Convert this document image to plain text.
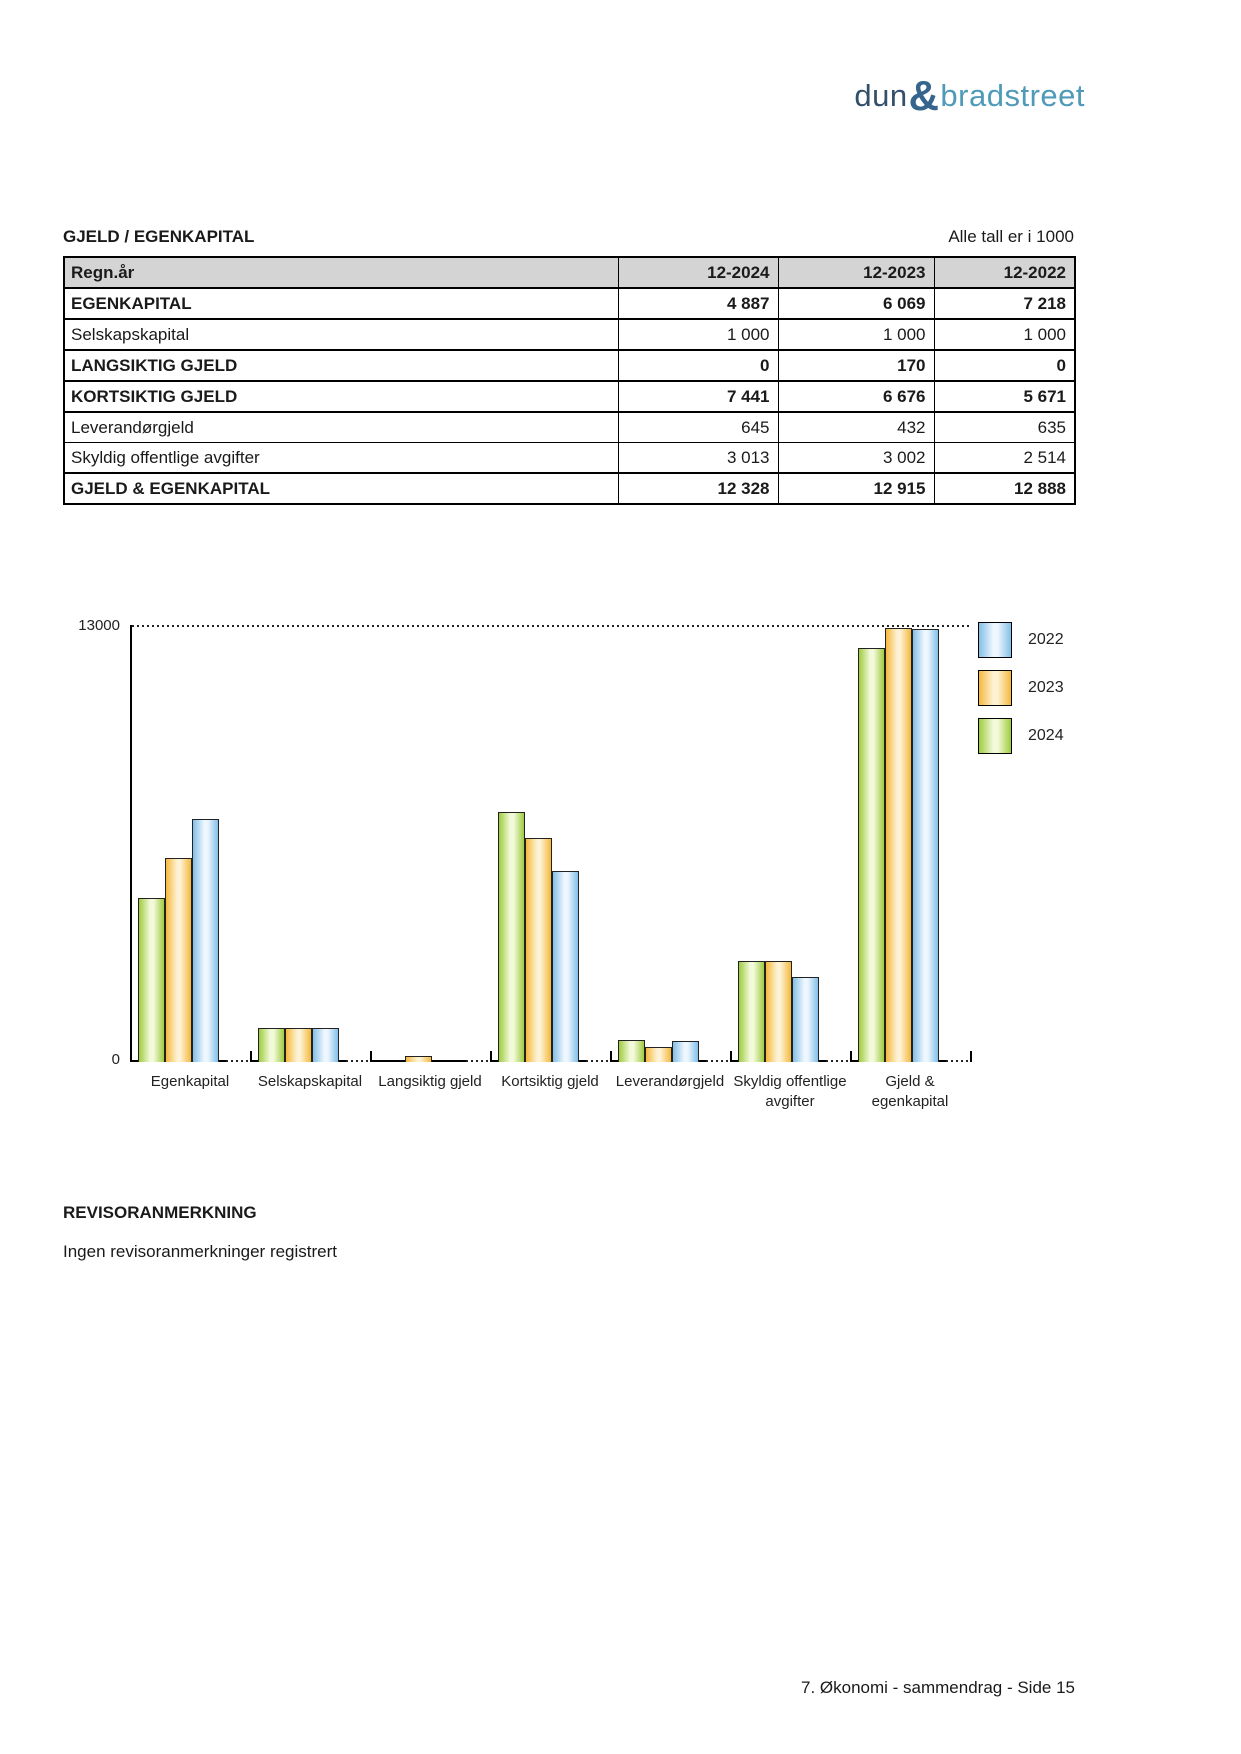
dun&bradstreet
GJELD / EGENKAPITAL	Alle tall er i 1000
Regn.år	12-2024	12-2023	12-2022
EGENKAPITAL	4 887	6 069	7 218
Selskapskapital	1 000	1 000	1 000
LANGSIKTIG GJELD	0	170	0
KORTSIKTIG GJELD	7 441	6 676	5 671
Leverandørgjeld	645	432	635
Skyldig offentlige avgifter	3 013	3 002	2 514
GJELD & EGENKAPITAL	12 328	12 915	12 888
13000
0
Egenkapital	Selskapskapital	Langsiktig gjeld	Kortsiktig gjeld	Leverandørgjeld Skyldig offentlige avgifter
Gjeld & egenkapital
2022
2023
2024
REVISORANMERKNING
Ingen revisoranmerkninger registrert
7. Økonomi - sammendrag - Side 15
